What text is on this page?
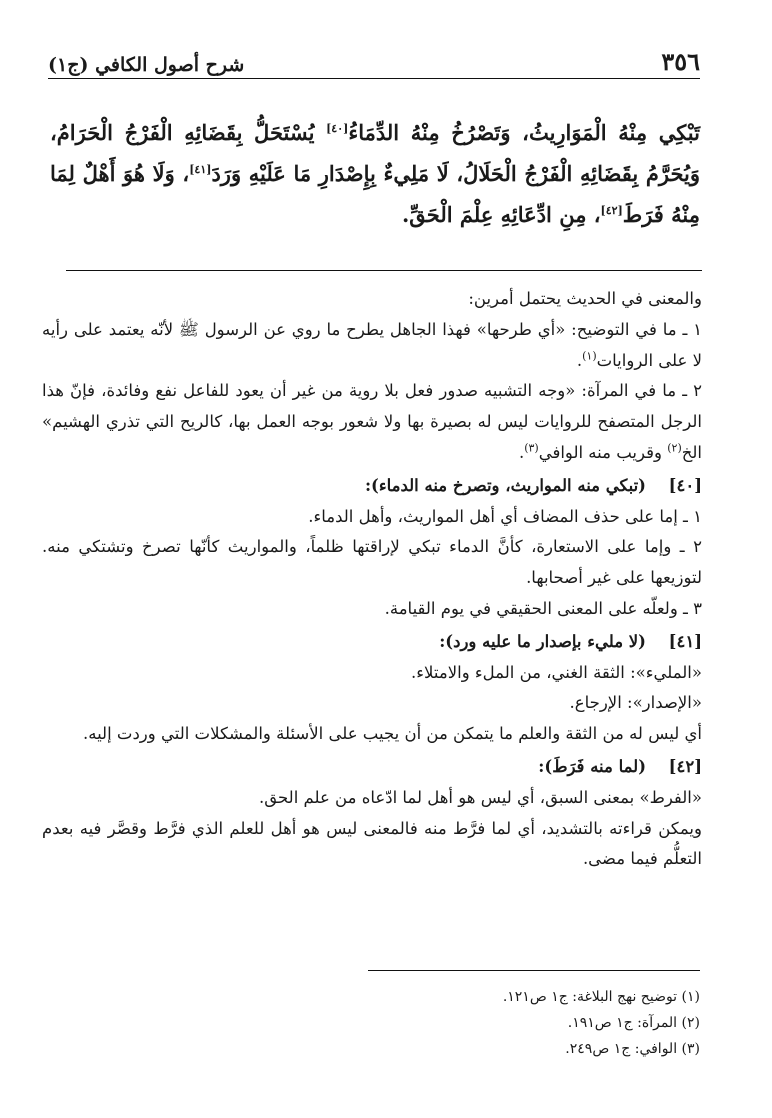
٣٥٦
شرح أصول الكافي (ج١)
تَبْكِي مِنْهُ الْمَوَارِيثُ، وَتَصْرُخُ مِنْهُ الدِّمَاءُ[٤٠] يُسْتَحَلُّ بِقَضَائِهِ الْفَرْجُ الْحَرَامُ، وَيُحَرَّمُ بِقَضَائِهِ الْفَرْجُ الْحَلَالُ، لَا مَلِيءٌ بِإِصْدَارِ مَا عَلَيْهِ وَرَدَ[٤١]، وَلَا هُوَ أَهْلٌ لِمَا مِنْهُ فَرَطَ[٤٢]، مِنِ ادِّعَائِهِ عِلْمَ الْحَقِّ.

والمعنى في الحديث يحتمل أمرين:

١ ـ ما في التوضيح: «أي طرحها» فهذا الجاهل يطرح ما روي عن الرسول ﷺ لأنّه يعتمد على رأيه لا على الروايات$^{(١)}$.

٢ ـ ما في المرآة: «وجه التشبيه صدور فعل بلا روية من غير أن يعود للفاعل نفع وفائدة، فإنّ هذا الرجل المتصفح للروايات ليس له بصيرة بها ولا شعور بوجه العمل بها، كالريح التي تذري الهشيم» الخ$^{(٢)}$ وقريب منه الوافي$^{(٣)}$.

[٤٠]
(تبكي منه المواريث، وتصرخ منه الدماء):

١ ـ إما على حذف المضاف أي أهل المواريث، وأهل الدماء.

٢ ـ وإما على الاستعارة، كأنَّ الدماء تبكي لإراقتها ظلماً، والمواريث كأنّها تصرخ وتشتكي منه. لتوزيعها على غير أصحابها.

٣ ـ ولعلّه على المعنى الحقيقي في يوم القيامة.

[٤١]
(لا مليء بإصدار ما عليه ورد):

«المليء»: الثقة الغني، من الملء والامتلاء.

«الإصدار»: الإرجاع.

أي ليس له من الثقة والعلم ما يتمكن من أن يجيب على الأسئلة والمشكلات التي وردت إليه.

[٤٢]
(لما منه فَرَطَ):

«الفرط» بمعنى السبق، أي ليس هو أهل لما ادّعاه من علم الحق.

ويمكن قراءته بالتشديد، أي لما فرَّط منه فالمعنى ليس هو أهل للعلم الذي فرَّط وقصَّر فيه بعدم التعلُّم فيما مضى.

(١) توضيح نهج البلاغة: ج١ ص١٢١.

(٢) المرآة: ج١ ص١٩١.

(٣) الوافي: ج١ ص٢٤٩.
